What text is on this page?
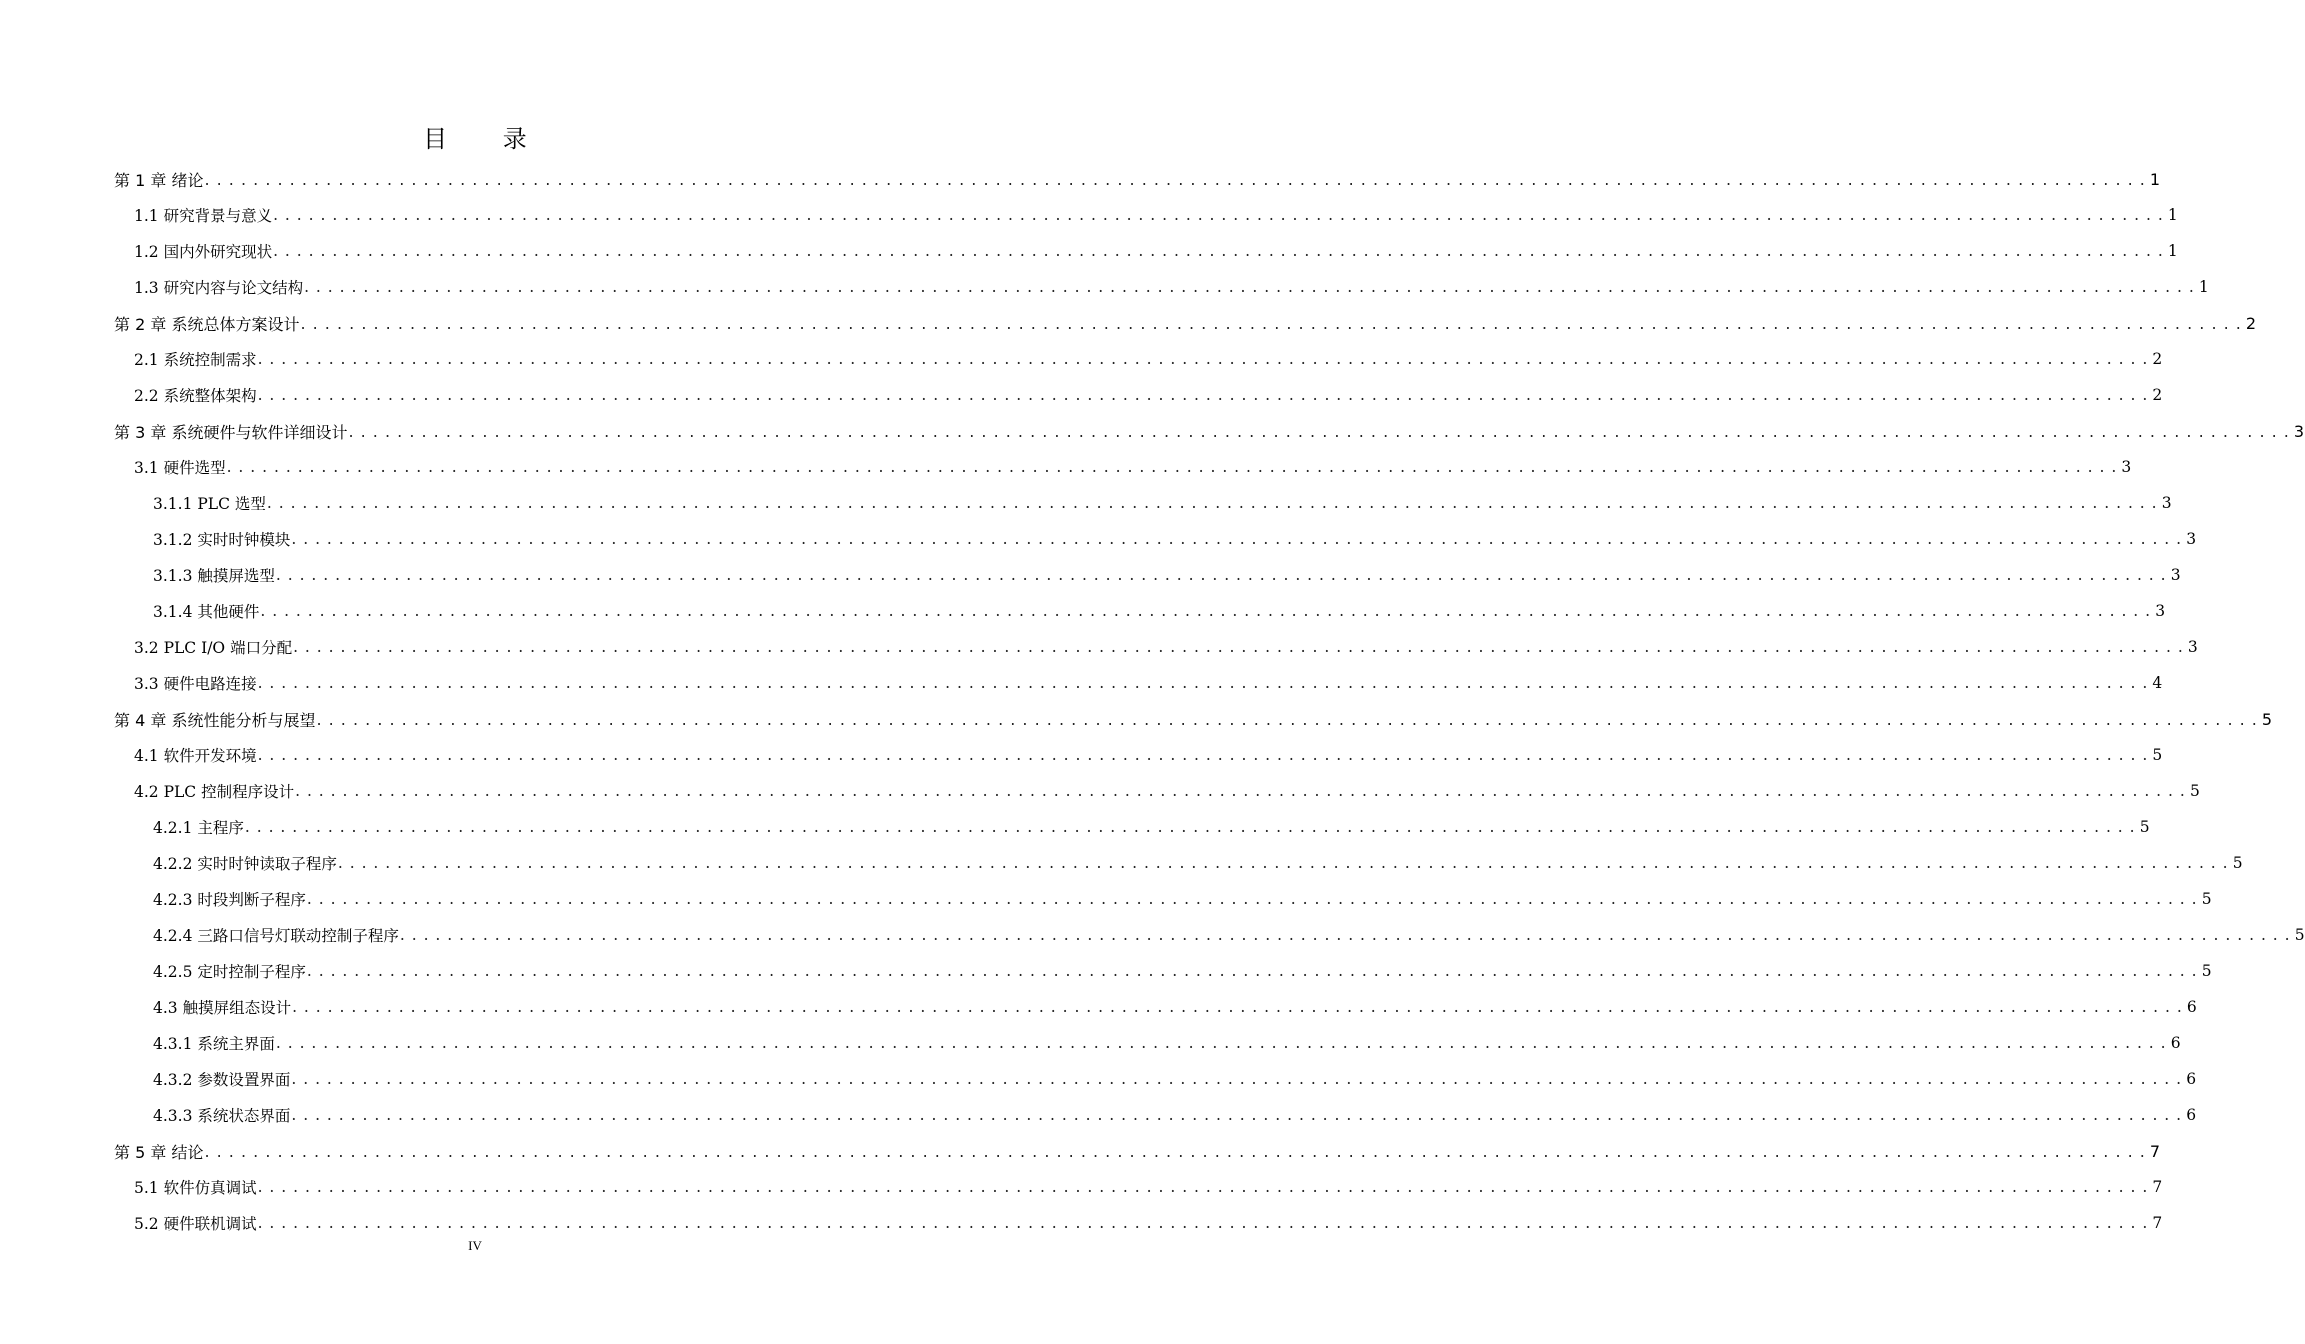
目 录
第 1 章 绪论 . . . . . . . . . . . . . . . . . . . . . . . . . . . . . . . . . . . . . . . . . . . . . . . . . . . . . . . . . . . . . . . . . . . . . . . . . . . . . . . . . . . . . . . . . . . . . . . . . . . . . . . . . . . . . . . . . . . . . . . . . . . . . . . . . . . . . . . . . . . . . . . . . . . . . . . . . . . . . . . . 1
1.1 研究背景与意义 . . . . . . . . . . . . . . . . . . . . . . . . . . . . . . . . . . . . . . . . . . . . . . . . . . . . . . . . . . . . . . . . . . . . . . . . . . . . . . . . . . . . . . . . . . . . . . . . . . . . . . . . . . . . . . . . . . . . . . . . . . . . . . . . . . . . . . . . . . . . . . . . . . . . . . . . . . . . . . . . 1
1.2 国内外研究现状 . . . . . . . . . . . . . . . . . . . . . . . . . . . . . . . . . . . . . . . . . . . . . . . . . . . . . . . . . . . . . . . . . . . . . . . . . . . . . . . . . . . . . . . . . . . . . . . . . . . . . . . . . . . . . . . . . . . . . . . . . . . . . . . . . . . . . . . . . . . . . . . . . . . . . . . . . . . . . . . . 1
1.3 研究内容与论文结构 . . . . . . . . . . . . . . . . . . . . . . . . . . . . . . . . . . . . . . . . . . . . . . . . . . . . . . . . . . . . . . . . . . . . . . . . . . . . . . . . . . . . . . . . . . . . . . . . . . . . . . . . . . . . . . . . . . . . . . . . . . . . . . . . . . . . . . . . . . . . . . . . . . . . . . . . . . . . . . . . 1
第 2 章 系统总体方案设计 . . . . . . . . . . . . . . . . . . . . . . . . . . . . . . . . . . . . . . . . . . . . . . . . . . . . . . . . . . . . . . . . . . . . . . . . . . . . . . . . . . . . . . . . . . . . . . . . . . . . . . . . . . . . . . . . . . . . . . . . . . . . . . . . . . . . . . . . . . . . . . . . . . . . . . . . . . . . . . . . 2
2.1 系统控制需求 . . . . . . . . . . . . . . . . . . . . . . . . . . . . . . . . . . . . . . . . . . . . . . . . . . . . . . . . . . . . . . . . . . . . . . . . . . . . . . . . . . . . . . . . . . . . . . . . . . . . . . . . . . . . . . . . . . . . . . . . . . . . . . . . . . . . . . . . . . . . . . . . . . . . . . . . . . . . . . . . 2
2.2 系统整体架构 . . . . . . . . . . . . . . . . . . . . . . . . . . . . . . . . . . . . . . . . . . . . . . . . . . . . . . . . . . . . . . . . . . . . . . . . . . . . . . . . . . . . . . . . . . . . . . . . . . . . . . . . . . . . . . . . . . . . . . . . . . . . . . . . . . . . . . . . . . . . . . . . . . . . . . . . . . . . . . . . 2
第 3 章 系统硬件与软件详细设计 . . . . . . . . . . . . . . . . . . . . . . . . . . . . . . . . . . . . . . . . . . . . . . . . . . . . . . . . . . . . . . . . . . . . . . . . . . . . . . . . . . . . . . . . . . . . . . . . . . . . . . . . . . . . . . . . . . . . . . . . . . . . . . . . . . . . . . . . . . . . . . . . . . . . . . . . . . . . . . . . 3
3.1 硬件选型 . . . . . . . . . . . . . . . . . . . . . . . . . . . . . . . . . . . . . . . . . . . . . . . . . . . . . . . . . . . . . . . . . . . . . . . . . . . . . . . . . . . . . . . . . . . . . . . . . . . . . . . . . . . . . . . . . . . . . . . . . . . . . . . . . . . . . . . . . . . . . . . . . . . . . . . . . . . . . . . . 3
3.1.1 PLC 选型 . . . . . . . . . . . . . . . . . . . . . . . . . . . . . . . . . . . . . . . . . . . . . . . . . . . . . . . . . . . . . . . . . . . . . . . . . . . . . . . . . . . . . . . . . . . . . . . . . . . . . . . . . . . . . . . . . . . . . . . . . . . . . . . . . . . . . . . . . . . . . . . . . . . . . . . . . . . . . . . . 3
3.1.2 实时时钟模块 . . . . . . . . . . . . . . . . . . . . . . . . . . . . . . . . . . . . . . . . . . . . . . . . . . . . . . . . . . . . . . . . . . . . . . . . . . . . . . . . . . . . . . . . . . . . . . . . . . . . . . . . . . . . . . . . . . . . . . . . . . . . . . . . . . . . . . . . . . . . . . . . . . . . . . . . . . . . . . . . 3
3.1.3 触摸屏选型 . . . . . . . . . . . . . . . . . . . . . . . . . . . . . . . . . . . . . . . . . . . . . . . . . . . . . . . . . . . . . . . . . . . . . . . . . . . . . . . . . . . . . . . . . . . . . . . . . . . . . . . . . . . . . . . . . . . . . . . . . . . . . . . . . . . . . . . . . . . . . . . . . . . . . . . . . . . . . . . . 3
3.1.4 其他硬件 . . . . . . . . . . . . . . . . . . . . . . . . . . . . . . . . . . . . . . . . . . . . . . . . . . . . . . . . . . . . . . . . . . . . . . . . . . . . . . . . . . . . . . . . . . . . . . . . . . . . . . . . . . . . . . . . . . . . . . . . . . . . . . . . . . . . . . . . . . . . . . . . . . . . . . . . . . . . . . . . 3
3.2 PLC I/O 端口分配 . . . . . . . . . . . . . . . . . . . . . . . . . . . . . . . . . . . . . . . . . . . . . . . . . . . . . . . . . . . . . . . . . . . . . . . . . . . . . . . . . . . . . . . . . . . . . . . . . . . . . . . . . . . . . . . . . . . . . . . . . . . . . . . . . . . . . . . . . . . . . . . . . . . . . . . . . . . . . . . . 3
3.3 硬件电路连接 . . . . . . . . . . . . . . . . . . . . . . . . . . . . . . . . . . . . . . . . . . . . . . . . . . . . . . . . . . . . . . . . . . . . . . . . . . . . . . . . . . . . . . . . . . . . . . . . . . . . . . . . . . . . . . . . . . . . . . . . . . . . . . . . . . . . . . . . . . . . . . . . . . . . . . . . . . . . . . . . 4
第 4 章 系统性能分析与展望 . . . . . . . . . . . . . . . . . . . . . . . . . . . . . . . . . . . . . . . . . . . . . . . . . . . . . . . . . . . . . . . . . . . . . . . . . . . . . . . . . . . . . . . . . . . . . . . . . . . . . . . . . . . . . . . . . . . . . . . . . . . . . . . . . . . . . . . . . . . . . . . . . . . . . . . . . . . . . . . . 5
4.1 软件开发环境 . . . . . . . . . . . . . . . . . . . . . . . . . . . . . . . . . . . . . . . . . . . . . . . . . . . . . . . . . . . . . . . . . . . . . . . . . . . . . . . . . . . . . . . . . . . . . . . . . . . . . . . . . . . . . . . . . . . . . . . . . . . . . . . . . . . . . . . . . . . . . . . . . . . . . . . . . . . . . . . . 5
4.2 PLC 控制程序设计 . . . . . . . . . . . . . . . . . . . . . . . . . . . . . . . . . . . . . . . . . . . . . . . . . . . . . . . . . . . . . . . . . . . . . . . . . . . . . . . . . . . . . . . . . . . . . . . . . . . . . . . . . . . . . . . . . . . . . . . . . . . . . . . . . . . . . . . . . . . . . . . . . . . . . . . . . . . . . . . . 5
4.2.1 主程序 . . . . . . . . . . . . . . . . . . . . . . . . . . . . . . . . . . . . . . . . . . . . . . . . . . . . . . . . . . . . . . . . . . . . . . . . . . . . . . . . . . . . . . . . . . . . . . . . . . . . . . . . . . . . . . . . . . . . . . . . . . . . . . . . . . . . . . . . . . . . . . . . . . . . . . . . . . . . . . . . 5
4.2.2 实时时钟读取子程序 . . . . . . . . . . . . . . . . . . . . . . . . . . . . . . . . . . . . . . . . . . . . . . . . . . . . . . . . . . . . . . . . . . . . . . . . . . . . . . . . . . . . . . . . . . . . . . . . . . . . . . . . . . . . . . . . . . . . . . . . . . . . . . . . . . . . . . . . . . . . . . . . . . . . . . . . . . . . . . . . 5
4.2.3 时段判断子程序 . . . . . . . . . . . . . . . . . . . . . . . . . . . . . . . . . . . . . . . . . . . . . . . . . . . . . . . . . . . . . . . . . . . . . . . . . . . . . . . . . . . . . . . . . . . . . . . . . . . . . . . . . . . . . . . . . . . . . . . . . . . . . . . . . . . . . . . . . . . . . . . . . . . . . . . . . . . . . . . . 5
4.2.4 三路口信号灯联动控制子程序 . . . . . . . . . . . . . . . . . . . . . . . . . . . . . . . . . . . . . . . . . . . . . . . . . . . . . . . . . . . . . . . . . . . . . . . . . . . . . . . . . . . . . . . . . . . . . . . . . . . . . . . . . . . . . . . . . . . . . . . . . . . . . . . . . . . . . . . . . . . . . . . . . . . . . . . . . . . . . . . . 5
4.2.5 定时控制子程序 . . . . . . . . . . . . . . . . . . . . . . . . . . . . . . . . . . . . . . . . . . . . . . . . . . . . . . . . . . . . . . . . . . . . . . . . . . . . . . . . . . . . . . . . . . . . . . . . . . . . . . . . . . . . . . . . . . . . . . . . . . . . . . . . . . . . . . . . . . . . . . . . . . . . . . . . . . . . . . . . 5
4.3 触摸屏组态设计 . . . . . . . . . . . . . . . . . . . . . . . . . . . . . . . . . . . . . . . . . . . . . . . . . . . . . . . . . . . . . . . . . . . . . . . . . . . . . . . . . . . . . . . . . . . . . . . . . . . . . . . . . . . . . . . . . . . . . . . . . . . . . . . . . . . . . . . . . . . . . . . . . . . . . . . . . . . . . . . . 6
4.3.1 系统主界面 . . . . . . . . . . . . . . . . . . . . . . . . . . . . . . . . . . . . . . . . . . . . . . . . . . . . . . . . . . . . . . . . . . . . . . . . . . . . . . . . . . . . . . . . . . . . . . . . . . . . . . . . . . . . . . . . . . . . . . . . . . . . . . . . . . . . . . . . . . . . . . . . . . . . . . . . . . . . . . . . 6
4.3.2 参数设置界面 . . . . . . . . . . . . . . . . . . . . . . . . . . . . . . . . . . . . . . . . . . . . . . . . . . . . . . . . . . . . . . . . . . . . . . . . . . . . . . . . . . . . . . . . . . . . . . . . . . . . . . . . . . . . . . . . . . . . . . . . . . . . . . . . . . . . . . . . . . . . . . . . . . . . . . . . . . . . . . . . 6
4.3.3 系统状态界面 . . . . . . . . . . . . . . . . . . . . . . . . . . . . . . . . . . . . . . . . . . . . . . . . . . . . . . . . . . . . . . . . . . . . . . . . . . . . . . . . . . . . . . . . . . . . . . . . . . . . . . . . . . . . . . . . . . . . . . . . . . . . . . . . . . . . . . . . . . . . . . . . . . . . . . . . . . . . . . . . 6
第 5 章 结论 . . . . . . . . . . . . . . . . . . . . . . . . . . . . . . . . . . . . . . . . . . . . . . . . . . . . . . . . . . . . . . . . . . . . . . . . . . . . . . . . . . . . . . . . . . . . . . . . . . . . . . . . . . . . . . . . . . . . . . . . . . . . . . . . . . . . . . . . . . . . . . . . . . . . . . . . . . . . . . . . 7
5.1 软件仿真调试 . . . . . . . . . . . . . . . . . . . . . . . . . . . . . . . . . . . . . . . . . . . . . . . . . . . . . . . . . . . . . . . . . . . . . . . . . . . . . . . . . . . . . . . . . . . . . . . . . . . . . . . . . . . . . . . . . . . . . . . . . . . . . . . . . . . . . . . . . . . . . . . . . . . . . . . . . . . . . . . . 7
5.2 硬件联机调试 . . . . . . . . . . . . . . . . . . . . . . . . . . . . . . . . . . . . . . . . . . . . . . . . . . . . . . . . . . . . . . . . . . . . . . . . . . . . . . . . . . . . . . . . . . . . . . . . . . . . . . . . . . . . . . . . . . . . . . . . . . . . . . . . . . . . . . . . . . . . . . . . . . . . . . . . . . . . . . . . 7
IV
